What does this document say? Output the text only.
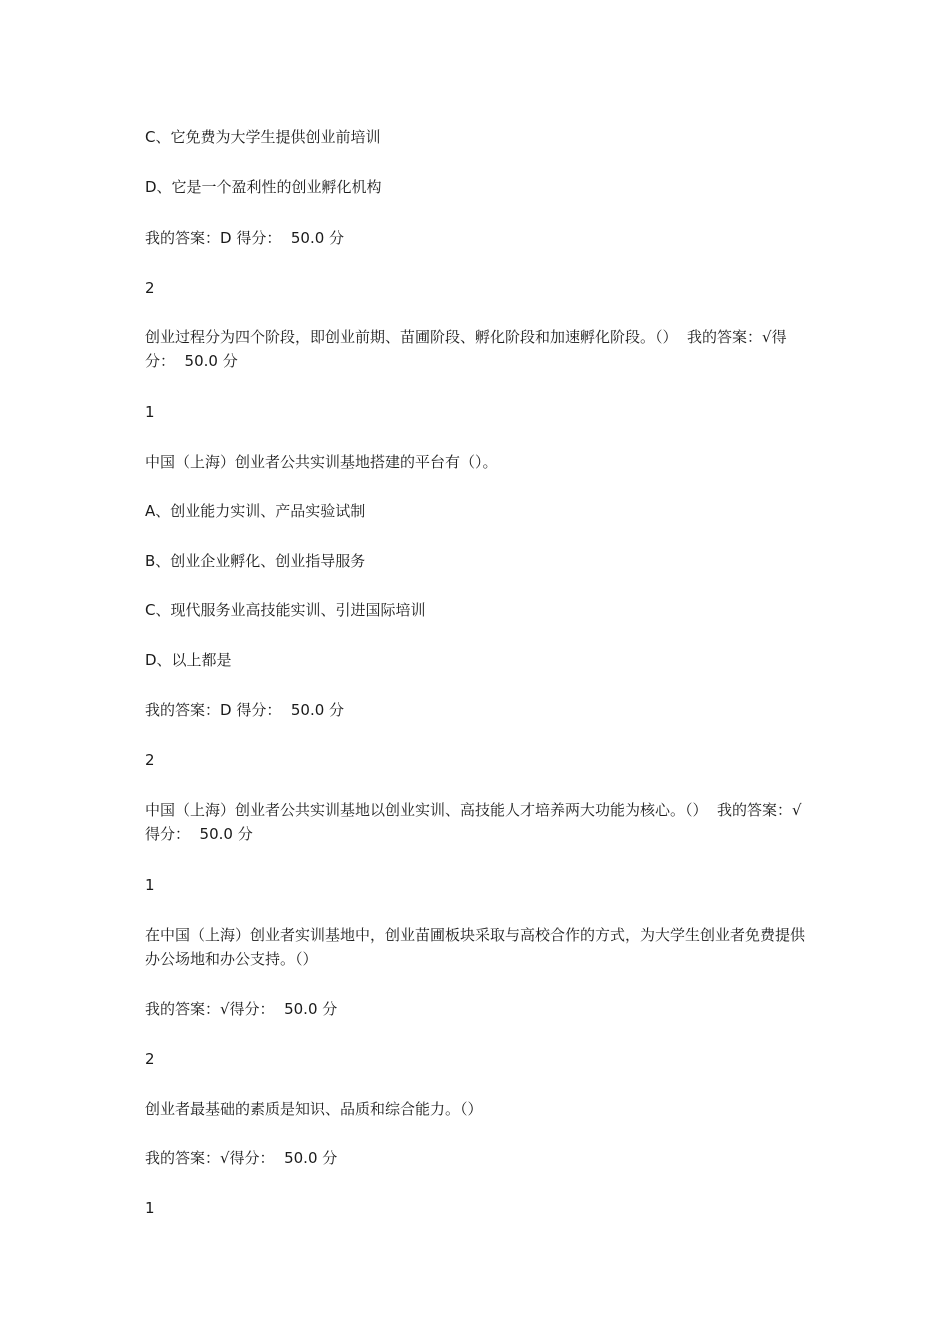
C、它免费为大学生提供创业前培训
D、它是一个盈利性的创业孵化机构
我的答案：D 得分：  50.0 分
2
创业过程分为四个阶段，即创业前期、苗圃阶段、孵化阶段和加速孵化阶段。（）  我的答案：√得分：  50.0 分
1
中国（上海）创业者公共实训基地搭建的平台有（）。
A、创业能力实训、产品实验试制
B、创业企业孵化、创业指导服务
C、现代服务业高技能实训、引进国际培训
D、以上都是
我的答案：D 得分：  50.0 分
2
中国（上海）创业者公共实训基地以创业实训、高技能人才培养两大功能为核心。（）  我的答案：√得分：  50.0 分
1
在中国（上海）创业者实训基地中，创业苗圃板块采取与高校合作的方式，为大学生创业者免费提供办公场地和办公支持。（）
我的答案：√得分：  50.0 分
2
创业者最基础的素质是知识、品质和综合能力。（）
我的答案：√得分：  50.0 分
1
